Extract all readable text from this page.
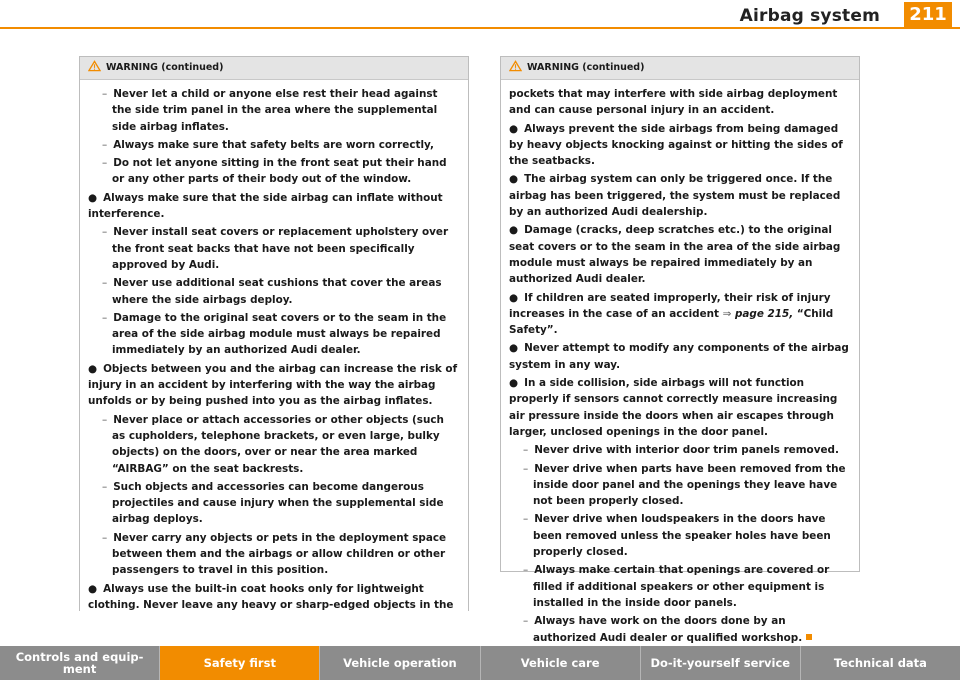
Airbag system 211
WARNING (continued)

– Never let a child or anyone else rest their head against the side trim panel in the area where the supplemental side airbag inflates.

– Always make sure that safety belts are worn correctly,

– Do not let anyone sitting in the front seat put their hand or any other parts of their body out of the window.

● Always make sure that the side airbag can inflate without interference.

– Never install seat covers or replacement upholstery over the front seat backs that have not been specifically approved by Audi.

– Never use additional seat cushions that cover the areas where the side airbags deploy.

– Damage to the original seat covers or to the seam in the area of the side airbag module must always be repaired immediately by an authorized Audi dealer.

● Objects between you and the airbag can increase the risk of injury in an accident by interfering with the way the airbag unfolds or by being pushed into you as the airbag inflates.

– Never place or attach accessories or other objects (such as cupholders, telephone brackets, or even large, bulky objects) on the doors, over or near the area marked “AIRBAG” on the seat backrests.

– Such objects and accessories can become dangerous projectiles and cause injury when the supplemental side airbag deploys.

– Never carry any objects or pets in the deployment space between them and the airbags or allow children or other passengers to travel in this position.

● Always use the built-in coat hooks only for lightweight clothing. Never leave any heavy or sharp-edged objects in the

WARNING (continued)

pockets that may interfere with side airbag deployment and can cause personal injury in an accident.

● Always prevent the side airbags from being damaged by heavy objects knocking against or hitting the sides of the seatbacks.

● The airbag system can only be triggered once. If the airbag has been triggered, the system must be replaced by an authorized Audi dealership.

● Damage (cracks, deep scratches etc.) to the original seat covers or to the seam in the area of the side airbag module must always be repaired immediately by an authorized Audi dealer.

● If children are seated improperly, their risk of injury increases in the case of an accident ⇒ page 215, “Child Safety”.

● Never attempt to modify any components of the airbag system in any way.

● In a side collision, side airbags will not function properly if sensors cannot correctly measure increasing air pressure inside the doors when air escapes through larger, unclosed openings in the door panel.

– Never drive with interior door trim panels removed.

– Never drive when parts have been removed from the inside door panel and the openings they leave have not been properly closed.

– Never drive when loudspeakers in the doors have been removed unless the speaker holes have been properly closed.

– Always make certain that openings are covered or filled if additional speakers or other equipment is installed in the inside door panels.

– Always have work on the doors done by an authorized Audi dealer or qualified workshop.

Controls and equip-ment	Safety first	Vehicle operation	Vehicle care	Do-it-yourself service	Technical data
